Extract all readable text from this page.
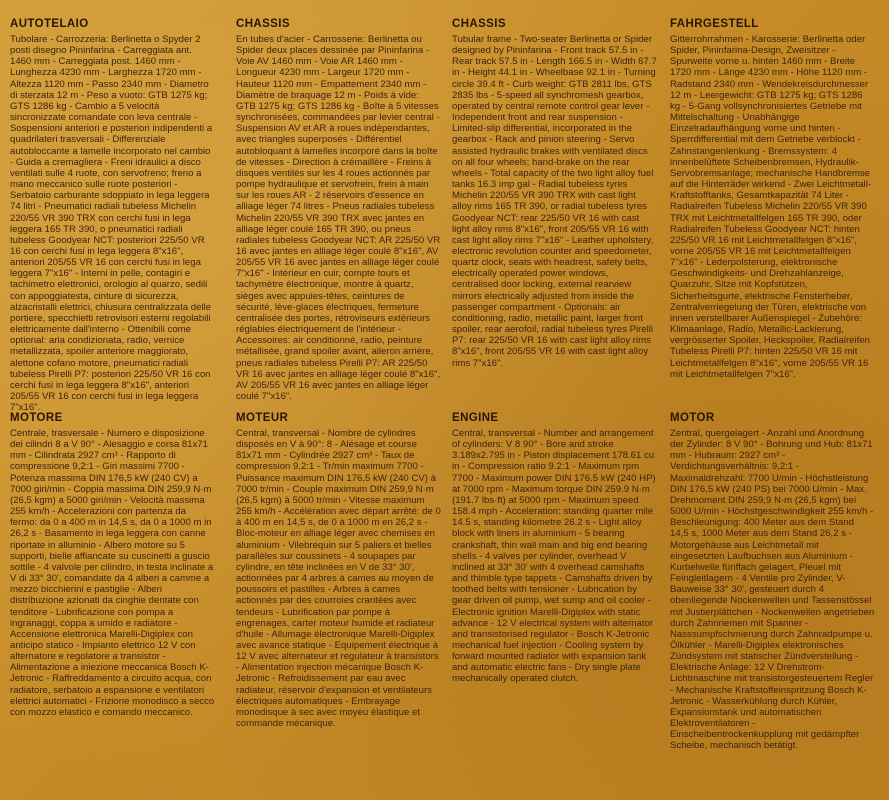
AUTOTELAIO

Tubolare - Carrozzeria: Berlinetta o Spyder 2 posti disegno Pininfarina - Carreggiata ant. 1460 mm - Carreggiata post. 1460 mm - Lunghezza 4230 mm - Larghezza 1720 mm - Altezza 1120 mm - Passo 2340 mm - Diametro di sterzata 12 m - Peso a vuoto: GTB 1275 kg; GTS 1286 kg - Cambio a 5 velocità sincronizzate comandate con leva centrale - Sospensioni anteriori e posteriori indipendenti a quadrilateri trasversali - Differenziale autobloccante a lamelle incorporato nel cambio - Guida a cremagliera - Freni idraulici a disco ventilati sulle 4 ruote, con servofreno; freno a mano meccanico sulle ruote posteriori - Serbatoio carburante sdoppiato in lega leggera 74 litri - Pneumatici radiali tubeless Michelin 220/55 VR 390 TRX con cerchi fusi in lega leggera 165 TR 390, o pneumatici radiali tubeless Goodyear NCT: posteriori 225/50 VR 16 con cerchi fusi in lega leggera 8"x16", anteriori 205/55 VR 16 con cerchi fusi in lega leggera 7"x16" - Interni in pelle, contagiri e tachimetro elettronici, orologio al quarzo, sedili con appoggiatesta, cinture di sicurezza, alzacristalli elettrici, chiusura centralizzata delle portiere, specchietti retrovisori esterni regolabili elettricamente dall'interno - Ottenibili come optional: aria condizionata, radio, vernice metallizzata, spoiler anteriore maggiorato, alettone cofano motore, pneumatici radiali tubeless Pirelli P7: posteriori 225/50 VR 16 con cerchi fusi in lega leggera 8"x16", anteriori 205/55 VR 16 con cerchi fusi in lega leggera 7"x16".

CHASSIS

En tubes d'acier - Carrosserie: Berlinetta ou Spider deux places dessinée par Pininfarina - Voie AV 1460 mm - Voie AR 1460 mm - Longueur 4230 mm - Largeur 1720 mm - Hauteur 1120 mm - Empattement 2340 mm - Diamètre de braquage 12 m - Poids à vide: GTB 1275 kg; GTS 1286 kg - Boîte à 5 vitesses synchronisées, commandées par levier central - Suspension AV et AR à roues indépendantes, avec triangles superposés - Différentiel autobloquant à lamelles incorporé dans la boîte de vitesses - Direction à crémaillère - Freins à disques ventilés sur les 4 roues actionnés par pompe hydraulique et servofrein, frein à main sur les roues AR - 2 réservoirs d'essence en alliage léger 74 litres - Pneus radiales tubeless Michelin 220/55 VR 390 TRX avec jantes en alliage léger coulé 165 TR 390, ou pneus radiales tubeless Goodyear NCT: AR 225/50 VR 16 avec jantes en alliage léger coulé 8"x16", AV 205/55 VR 16 avec jantes en alliage léger coulé 7"x16" - Intérieur en cuir, compte tours et tachymètre électronique, montre à quartz, sièges avec appuies-têtes, ceintures de sécurité, lève-glaces électriques, fermeture centralisée des portes, rétroviseurs extérieurs réglables électriquement de l'intérieur - Accessoires: air conditionné, radio, peinture métallisée, grand spoiler avant, aileron arrière, pneus radiales tubeless Pirelli P7: AR 225/50 VR 16 avec jantes en alliage léger coulé 8"x16", AV 205/55 VR 16 avec jantes en alliage léger coulé 7"x16".

CHASSIS

Tubular frame - Two-seater Berlinetta or Spider designed by Pininfarina - Front track 57.5 in - Rear track 57.5 in - Length 166.5 in - Width 67.7 in - Height 44.1 in - Wheelbase 92.1 in - Turning circle 39.4 ft - Curb weight: GTB 2811 lbs, GTS 2835 lbs - 5-speed all synchromesh gearbox, operated by central remote control gear lever - Independent front and rear suspension - Limited-slip differential, incorporated in the gearbox - Rack and pinion steering - Servo assisted hydraulic brakes with ventilated discs on all four wheels; hand-brake on the rear wheels - Total capacity of the two light alloy fuel tanks 16.3 imp gal - Radial tubeless tyres Michelin 220/55 VR 390 TRX with cast light alloy rims 165 TR 390, or radial tubeless tyres Goodyear NCT: rear 225/50 VR 16 with cast light alloy rims 8"x16", front 205/55 VR 16 with cast light alloy rims 7"x16" - Leather upholstery, electronic revolution counter and speedometer, quartz clock, seats with headrest, safety belts, electrically operated power windows, centralised door locking, external rearview mirrors electrically adjusted from inside the passenger compartment - Optionals: air conditioning, radio, metallic paint, larger front spoiler, rear aerofoil, radial tubeless tyres Pirelli P7: rear 225/50 VR 16 with cast light alloy rims 8"x16", front 205/55 VR 16 with cast light alloy rims 7"x16".

FAHRGESTELL

Gitterrohrrahmen - Karosserie: Berlinetta oder Spider, Pininfarina-Design, Zweisitzer - Spurweite vorne u. hinten 1460 mm - Breite 1720 mm - Länge 4230 mm - Höhe 1120 mm - Radstand 2340 mm - Wendekreisdurchmesser 12 m - Leergewicht: GTB 1275 kg; GTS 1286 kg - 5-Gang vollsynchronisiertes Getriebe mit Mittelschaltung - Unabhängige Einzelradaufhängung vorne und hinten - Sperrdifferential mit dem Getriebe verblockt - Zahnstangenlenkung - Bremssystem: 4 innenbelüftete Scheibenbremsen, Hydraulik-Servobremsanlage; mechanische Handbremse auf die Hinterräder wirkend - Zwei Leichtmetall-Kraftstofftanks, Gesamtkapazität 74 Liter - Radialreifen Tubeless Michelin 220/55 VR 390 TRX mit Leichtmetallfelgen 165 TR 390, oder Radialreifen Tubeless Goodyear NCT: hinten 225/50 VR 16 mit Leichtmetallfelgen 8"x16", vorne 205/55 VR 16 mit Leichtmetallfelgen 7"x16" - Lederpolsterung, elektronische Geschwindigkeits- und Drehzahlanzeige, Quarzuhr, Sitze mit Kopfstützen, Sicherheitsgurte, elektrische Fensterheber, Zentralverriegelung der Türen, elektrische von innen verstellbarer Außenspiegel - Zubehöre: Klimaanlage, Radio, Metallic-Lackierung, vergrösserter Spoiler, Heckspoiler, Radialreifen Tubeless Pirelli P7: hinten 225/50 VR 16 mit Leichtmetallfelgen 8"x16", vorne 205/55 VR 16 mit Leichtmetallfelgen 7"x16".

MOTORE

Centrale, trasversale - Numero e disposizione dei cilindri 8 a V 90° - Alesaggio e corsa 81x71 mm - Cilindrata 2927 cm³ - Rapporto di compressione 9,2:1 - Giri massimi 7700 - Potenza massima DIN 176,5 kW (240 CV) a 7000 giri/min - Coppia massima DIN 259,9 N·m (26,5 kgm) a 5000 giri/min - Velocità massima 255 km/h - Accelerazioni con partenza da fermo: da 0 a 400 m in 14,5 s, da 0 a 1000 m in 26,2 s - Basamento in lega leggera con canne riportate in alluminio - Albero motore su 5 supporti, bielle affiancate su cuscinetti a guscio sottile - 4 valvole per cilindro, in testa inclinate a V di 33° 30', comandate da 4 alberi a camme a mezzo bicchierini e pastiglie - Alberi distribuzione azionati da cinghie dentate con tenditore - Lubrificazione con pompa a ingranaggi, coppa a umido e radiatore - Accensione elettronica Marelli-Digiplex con anticipo statico - Impianto elettrico 12 V con alternatore e regolatore a transistor - Alimentazione a iniezione meccanica Bosch K-Jetronic - Raffreddamento a circuito acqua, con radiatore, serbatoio a espansione e ventilatori elettrici automatici - Frizione monodisco a secco con mozzo elastico e comando meccanico.

MOTEUR

Central, transversal - Nombre de cylindres disposés en V à 90°: 8 - Alésage et course 81x71 mm - Cylindrée 2927 cm³ - Taux de compression 9,2:1 - Tr/min maximum 7700 - Puissance maximum DIN 176,5 kW (240 CV) à 7000 tr/min - Couple maximum DIN 259,9 N·m (26,5 kgm) à 5000 tr/min - Vitesse maximum 255 km/h - Accélération avec départ arrêté: de 0 à 400 m en 14,5 s, de 0 à 1000 m en 26,2 s - Bloc-moteur en alliage léger avec chemises en aluminium - Vilebrequin sur 5 paliers et bielles parallèles sur coussinets - 4 soupapes par cylindre, en tête inclinées en V de 33° 30', actionnées par 4 arbres à cames au moyen de poussoirs et pastilles - Arbres à cames actionnés par des courroies crantées avec tendeurs - Lubrification par pompe à engrenages, carter moteur humide et radiateur d'huile - Allumage électronique Marelli-Digiplex avec avance statique - Equipement électrique à 12 V avec alternateur et regulateur à transistors - Alimentation injection mécanique Bosch K-Jetronic - Refroidissement par eau avec radiateur, réservoir d'expansion et ventilateurs électriques automatiques - Embrayage monodisque à sec avec moyeu élastique et commande mécanique.

ENGINE

Central, transversal - Number and arrangement of cylinders: V 8 90° - Bore and stroke 3.189x2.795 in - Piston displacement 178.61 cu in - Compression ratio 9.2:1 - Maximum rpm 7700 - Maximum power DIN 176.5 kW (240 HP) at 7000 rpm - Maximum torque DIN 259.9 N·m (191.7 lbs·ft) at 5000 rpm - Maximum speed 158.4 mph - Acceleration: standing quarter mile 14.5 s, standing kilometre 26.2 s - Light alloy block with liners in aluminium - 5 bearing crankshaft, thin wall main and big end bearing shells - 4 valves per cylinder, overhead V inclined at 33° 30' with 4 overhead camshafts and thimble type tappets - Camshafts driven by toothed belts with tensioner - Lubrication by gear driven oil pump, wet sump and oil cooler - Electronic ignition Marelli-Digiplex with static advance - 12 V electrical system with alternator and transistorised regulator - Bosch K-Jetronic mechanical fuel injection - Cooling system by forward mounted radiator with expansion tank and automatic electric fans - Dry single plate mechanically operated clutch.

MOTOR

Zentral, quergelagert - Anzahl und Anordnung der Zylinder: 8 V 90° - Bohrung und Hub: 81x71 mm - Hubraum: 2927 cm³ - Verdichtungsverhältnis: 9,2:1 - Maximaldrehzahl: 7700 U/min - Höchstleistung DIN 176,5 kW (240 PS) bei 7000 U/min - Max. Drehmoment DIN 259,9 N·m (26,5 kgm) bei 5000 U/min - Höchstgeschwindigkeit 255 km/h - Beschleunigung: 400 Meter aus dem Stand 14,5 s, 1000 Meter aus dem Stand 26,2 s - Motorgehäuse aus Leichtmetall mit eingesetzten Laufbuchsen aus Aluminium - Kurbelwelle fünffach gelagert, Pleuel mit Feingleitlagern - 4 Ventile pro Zylinder, V-Bauweise 33° 30', gesteuert durch 4 obenliegende Nockenwellen und Tassenstössel mit Justierplättchen - Nockenwellen angetrieben durch Zahnriemen mit Spanner - Nasssumpfschmierung durch Zahnradpumpe u. Ölkühler - Marelli-Digiplex elektronisches Zündsystem mit statischer Zündverstellung - Elektrische Anlage: 12 V Drehstrom-Lichtmaschine mit transistorgesteuertem Regler - Mechanische Kraftstoffeinspritzung Bosch K-Jetronic - Wasserkühlung durch Kühler, Expansionstank und automatischen Elektroventilatoren - Einscheibentrockenkupplung mit gedämpfter Scheibe, mechanisch betätigt.
